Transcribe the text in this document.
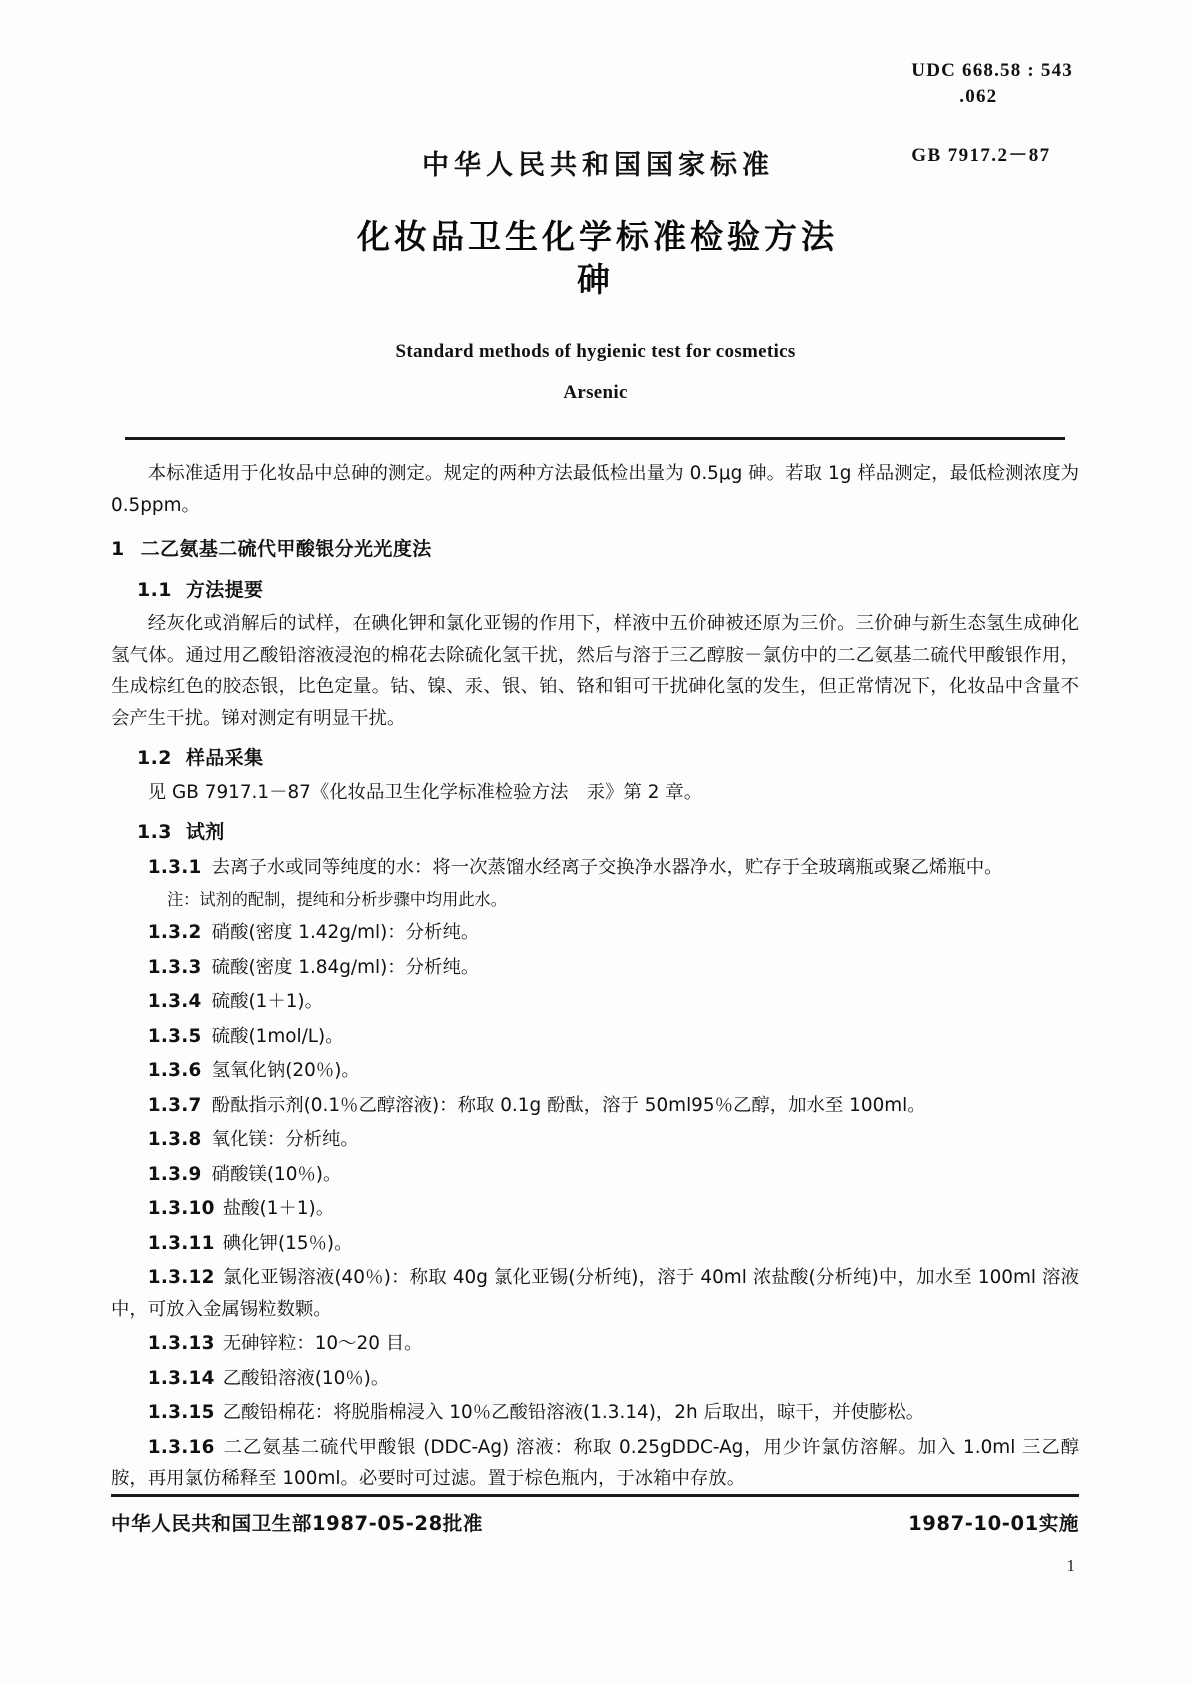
UDC 668.58 : 543
.062
GB 7917.2－87
中华人民共和国国家标准
化妆品卫生化学标准检验方法
砷
Standard methods of hygienic test for cosmetics
Arsenic

本标准适用于化妆品中总砷的测定。规定的两种方法最低检出量为 0.5μg 砷。若取 1g 样品测定，最低检测浓度为 0.5ppm。

1 二乙氨基二硫代甲酸银分光光度法
1.1 方法提要

经灰化或消解后的试样，在碘化钾和氯化亚锡的作用下，样液中五价砷被还原为三价。三价砷与新生态氢生成砷化氢气体。通过用乙酸铅溶液浸泡的棉花去除硫化氢干扰，然后与溶于三乙醇胺－氯仿中的二乙氨基二硫代甲酸银作用，生成棕红色的胶态银，比色定量。钴、镍、汞、银、铂、铬和钼可干扰砷化氢的发生，但正常情况下，化妆品中含量不会产生干扰。锑对测定有明显干扰。

1.2 样品采集

见 GB 7917.1－87《化妆品卫生化学标准检验方法　汞》第 2 章。

1.3 试剂

1.3.1 去离子水或同等纯度的水：将一次蒸馏水经离子交换净水器净水，贮存于全玻璃瓶或聚乙烯瓶中。

注：试剂的配制，提纯和分析步骤中均用此水。

1.3.2 硝酸(密度 1.42g/ml)：分析纯。

1.3.3 硫酸(密度 1.84g/ml)：分析纯。

1.3.4 硫酸(1＋1)。

1.3.5 硫酸(1mol/L)。

1.3.6 氢氧化钠(20％)。

1.3.7 酚酞指示剂(0.1％乙醇溶液)：称取 0.1g 酚酞，溶于 50ml95％乙醇，加水至 100ml。

1.3.8 氧化镁：分析纯。

1.3.9 硝酸镁(10％)。

1.3.10 盐酸(1＋1)。

1.3.11 碘化钾(15％)。

1.3.12 氯化亚锡溶液(40％)：称取 40g 氯化亚锡(分析纯)，溶于 40ml 浓盐酸(分析纯)中，加水至 100ml 溶液中，可放入金属锡粒数颗。

1.3.13 无砷锌粒：10～20 目。

1.3.14 乙酸铅溶液(10％)。

1.3.15 乙酸铅棉花：将脱脂棉浸入 10％乙酸铅溶液(1.3.14)，2h 后取出，晾干，并使膨松。

1.3.16 二乙氨基二硫代甲酸银 (DDC-Ag) 溶液：称取 0.25gDDC-Ag，用少许氯仿溶解。加入 1.0ml 三乙醇胺，再用氯仿稀释至 100ml。必要时可过滤。置于棕色瓶内，于冰箱中存放。

中华人民共和国卫生部1987-05-28批准	1987-10-01实施
1
